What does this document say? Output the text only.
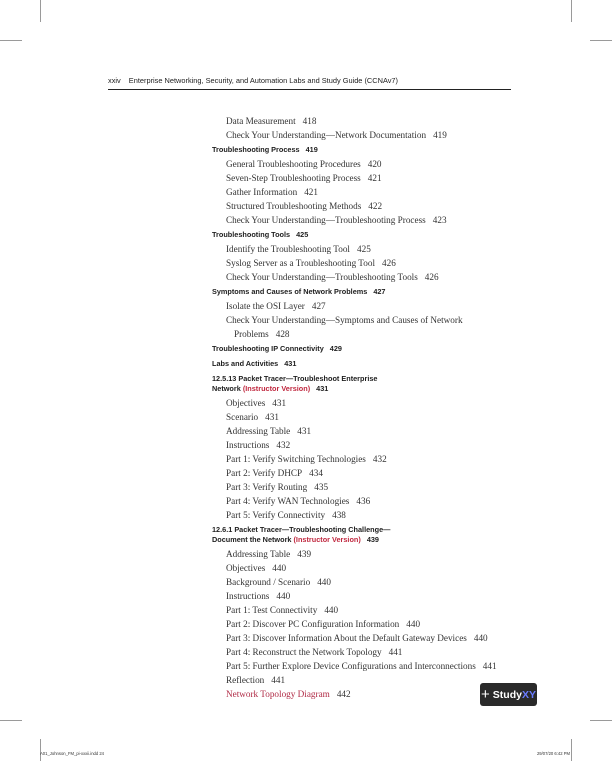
xxiv Enterprise Networking, Security, and Automation Labs and Study Guide (CCNAv7)
Data Measurement 418
Check Your Understanding—Network Documentation 419
Troubleshooting Process 419
General Troubleshooting Procedures 420
Seven-Step Troubleshooting Process 421
Gather Information 421
Structured Troubleshooting Methods 422
Check Your Understanding—Troubleshooting Process 423
Troubleshooting Tools 425
Identify the Troubleshooting Tool 425
Syslog Server as a Troubleshooting Tool 426
Check Your Understanding—Troubleshooting Tools 426
Symptoms and Causes of Network Problems 427
Isolate the OSI Layer 427
Check Your Understanding—Symptoms and Causes of Network Problems 428
Troubleshooting IP Connectivity 429
Labs and Activities 431
12.5.13 Packet Tracer—Troubleshoot Enterprise
Network (Instructor Version) 431
Objectives 431
Scenario 431
Addressing Table 431
Instructions 432
Part 1: Verify Switching Technologies 432
Part 2: Verify DHCP 434
Part 3: Verify Routing 435
Part 4: Verify WAN Technologies 436
Part 5: Verify Connectivity 438
12.6.1 Packet Tracer—Troubleshooting Challenge—
Document the Network (Instructor Version) 439
Addressing Table 439
Objectives 440
Background / Scenario 440
Instructions 440
Part 1: Test Connectivity 440
Part 2: Discover PC Configuration Information 440
Part 3: Discover Information About the Default Gateway Devices 440
Part 4: Reconstruct the Network Topology 441
Part 5: Further Explore Device Configurations and Interconnections 441
Reflection 441
Network Topology Diagram 442	+ Study XY
A01_Johnson_FM_pi-xxxii.indd 24	29/07/20 6:42 PM
